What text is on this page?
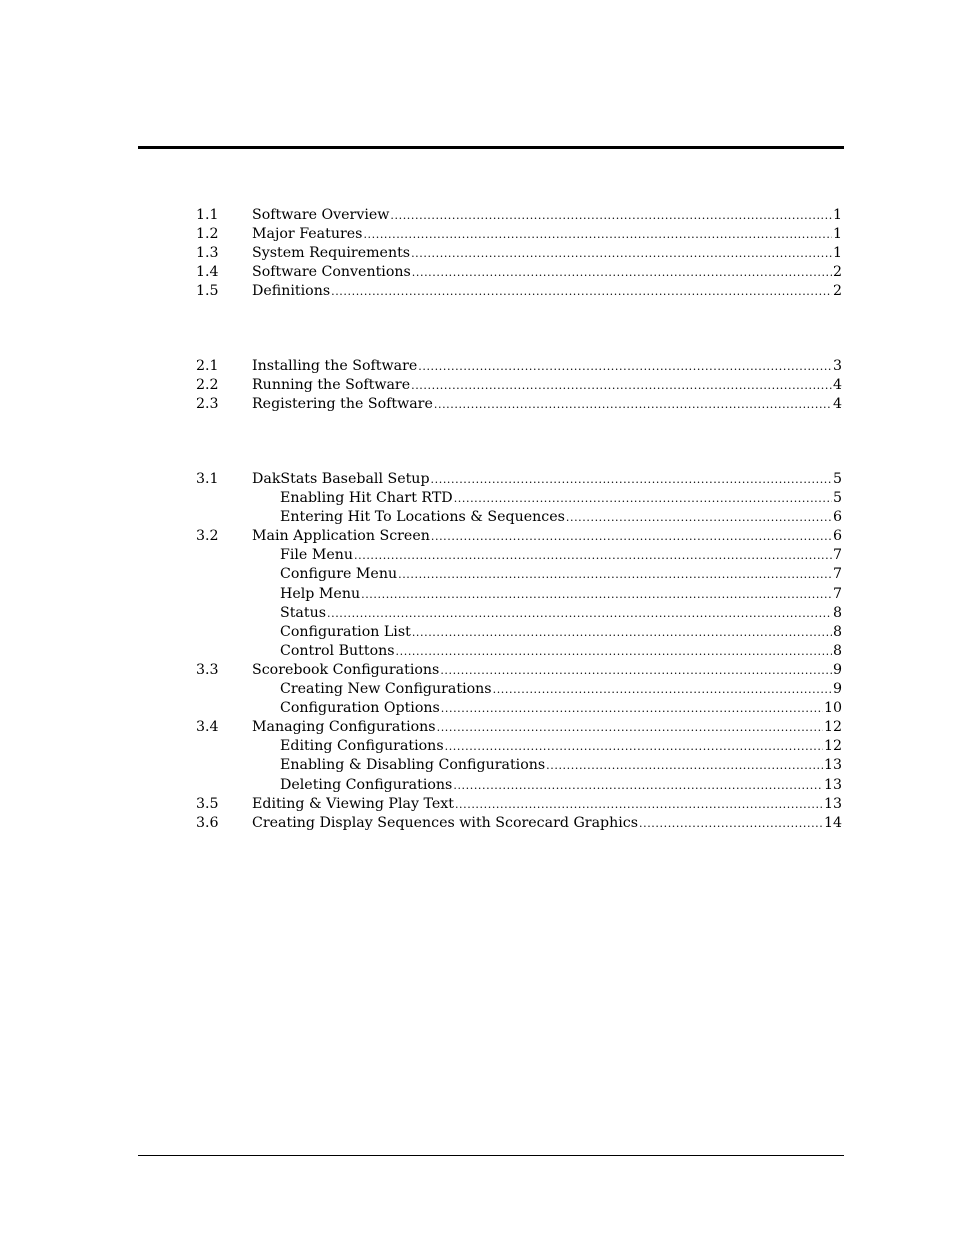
1.1	Software Overview .....	1
1.2	Major Features .....	1
1.3	System Requirements .....	1
1.4	Software Conventions .....	2
1.5	Definitions .....	2
2.1	Installing the Software .....	3
2.2	Running the Software .....	4
2.3	Registering the Software .....	4
3.1	DakStats Baseball Setup .....	5
Enabling Hit Chart RTD .....	5
Entering Hit To Locations & Sequences .....	6
3.2	Main Application Screen .....	6
File Menu .....	7
Configure Menu .....	7
Help Menu .....	7
Status .....	8
Configuration List .....	8
Control Buttons .....	8
3.3	Scorebook Configurations .....	9
Creating New Configurations .....	9
Configuration Options .....	10
3.4	Managing Configurations .....	12
Editing Configurations .....	12
Enabling & Disabling Configurations .....	13
Deleting Configurations .....	13
3.5	Editing & Viewing Play Text .....	13
3.6	Creating Display Sequences with Scorecard Graphics .....	14
